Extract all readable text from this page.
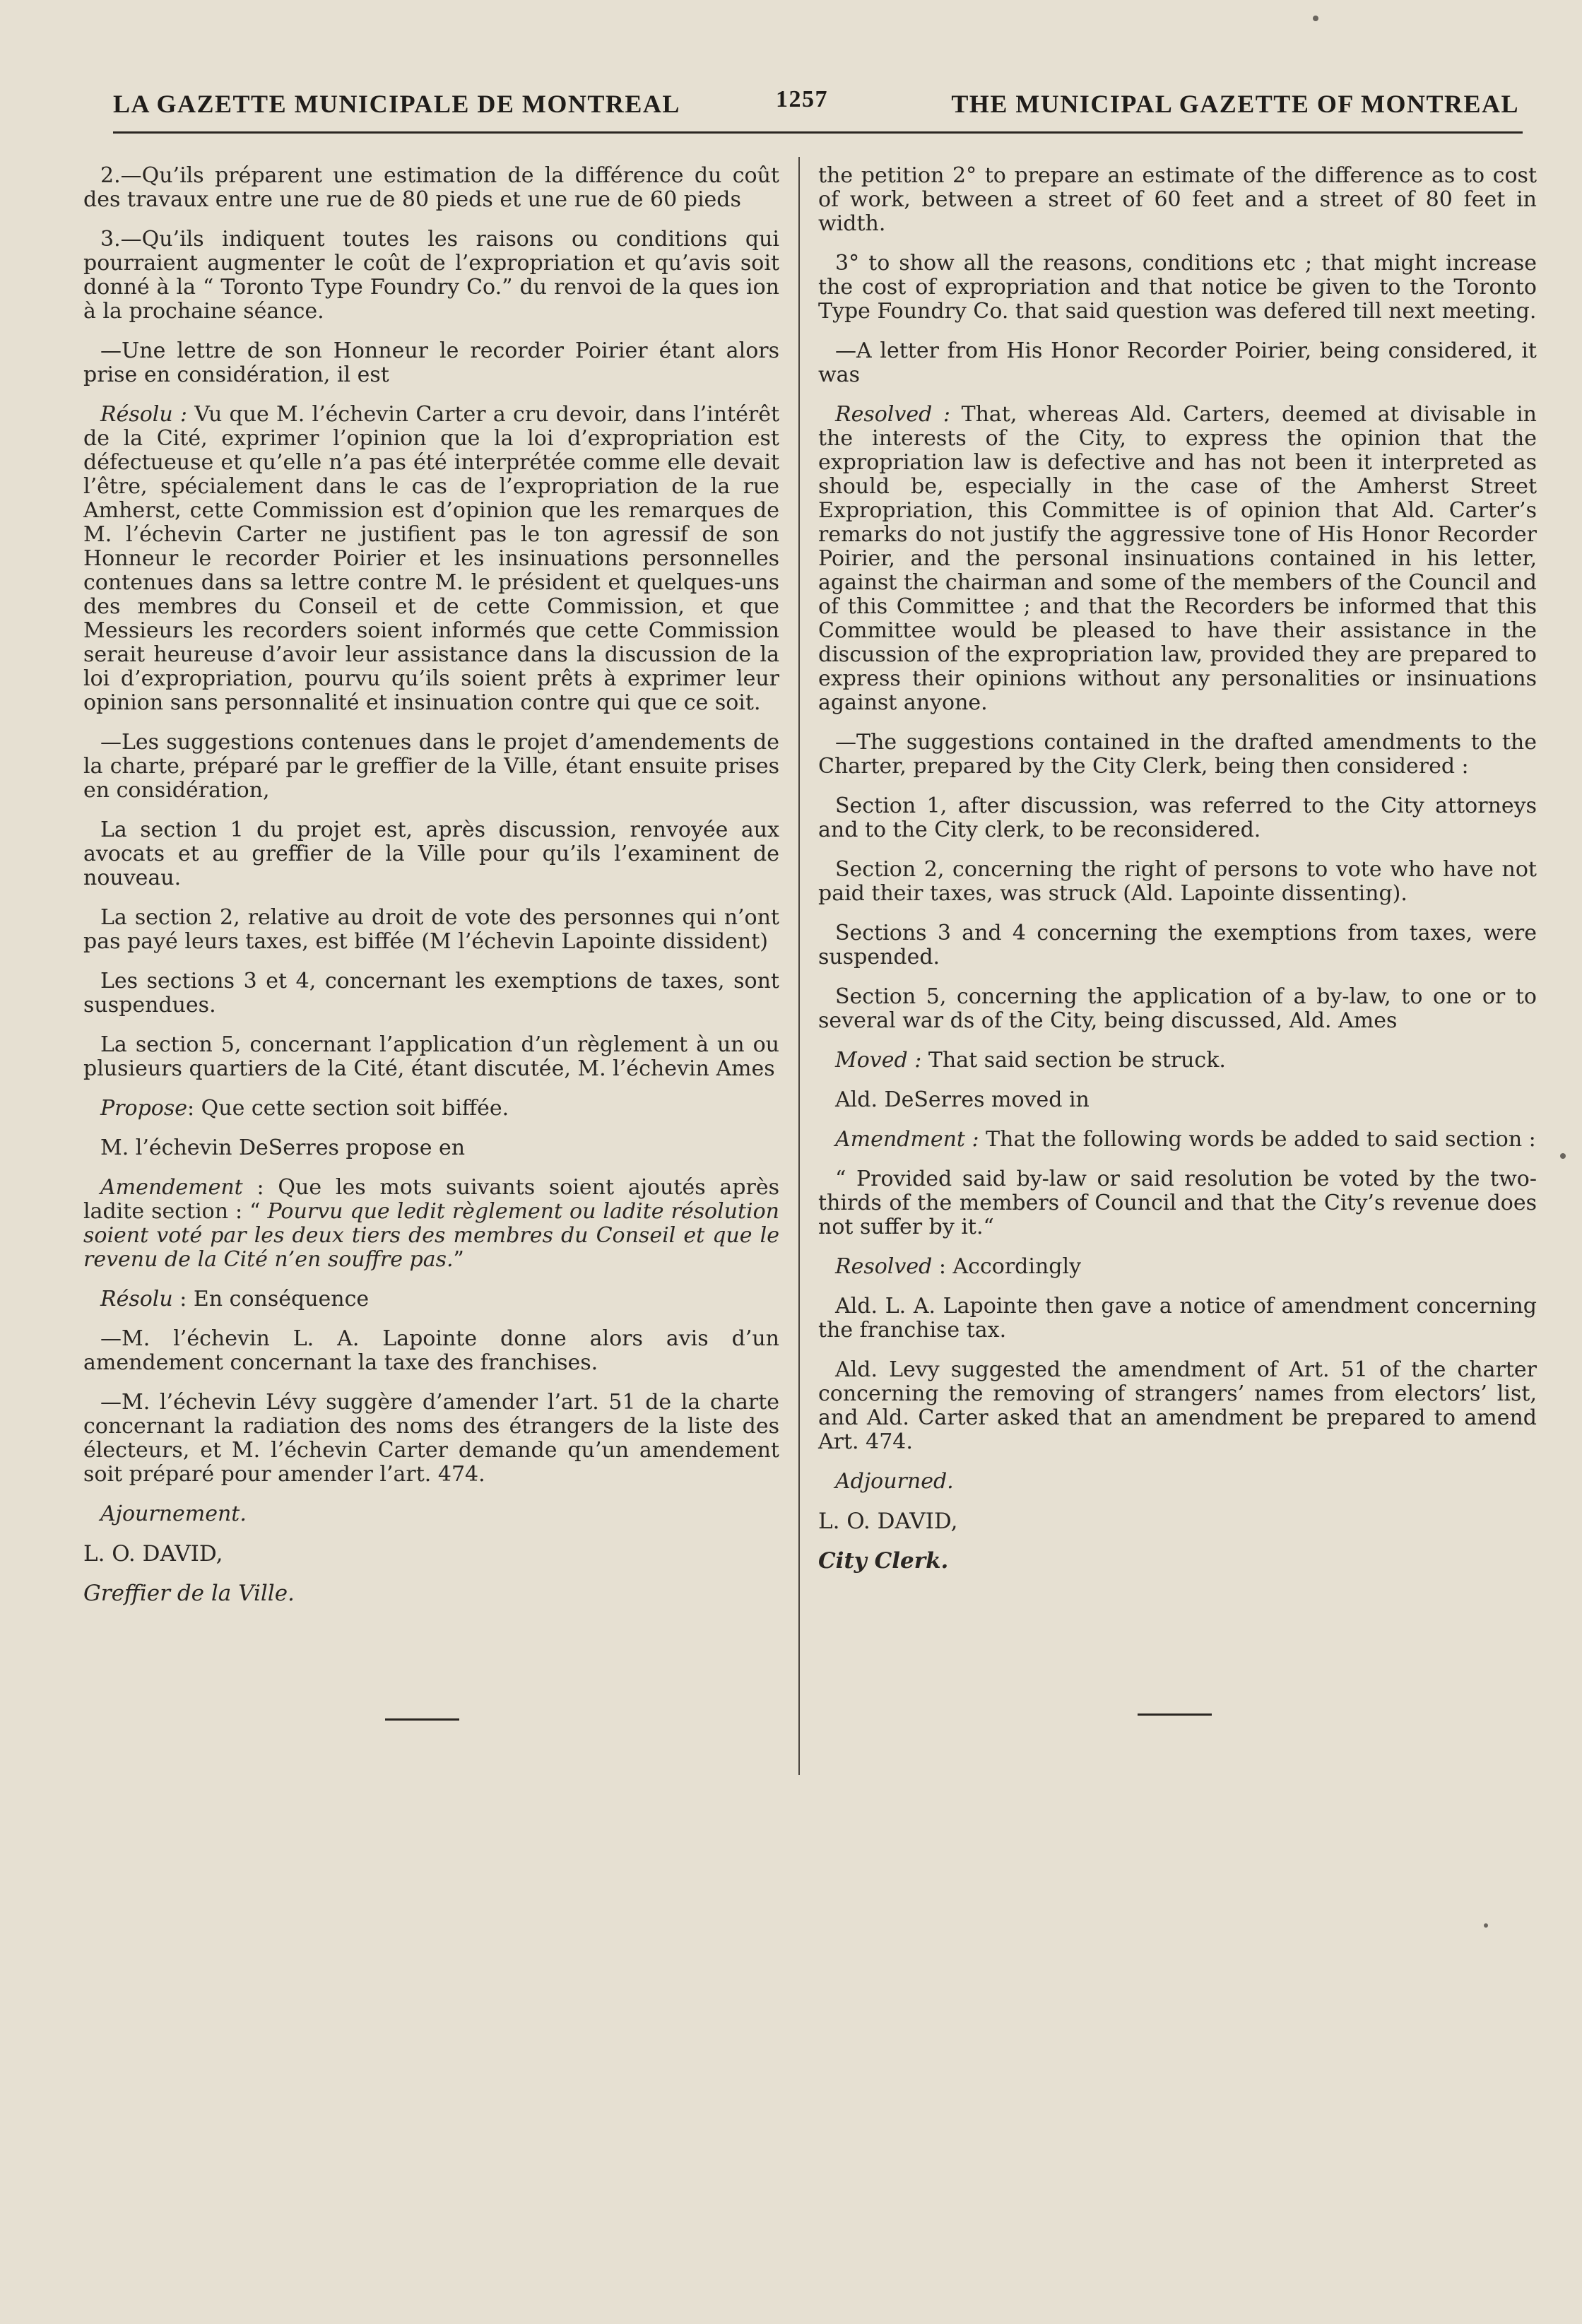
LA GAZETTE MUNICIPALE DE MONTREAL	1257	THE MUNICIPAL GAZETTE OF MONTREAL

2.—Qu’ils préparent une estimation de la différence du coût des travaux entre une rue de 80 pieds et une rue de 60 pieds

3.—Qu’ils indiquent toutes les raisons ou conditions qui pourraient augmenter le coût de l’expropriation et qu’avis soit donné à la “ Toronto Type Foundry Co.” du renvoi de la ques ion à la prochaine séance.

—Une lettre de son Honneur le recorder Poirier étant alors prise en considération, il est

Résolu : Vu que M. l’échevin Carter a cru devoir, dans l’intérêt de la Cité, exprimer l’opinion que la loi d’expropriation est défectueuse et qu’elle n’a pas été interprétée comme elle devait l’être, spécialement dans le cas de l’expropriation de la rue Amherst, cette Commission est d’opinion que les remarques de M. l’échevin Carter ne justifient pas le ton agressif de son Honneur le recorder Poirier et les insinuations personnelles contenues dans sa lettre contre M. le président et quelques-uns des membres du Conseil et de cette Commission, et que Messieurs les recorders soient informés que cette Commission serait heureuse d’avoir leur assistance dans la discussion de la loi d’expropriation, pourvu qu’ils soient prêts à exprimer leur opinion sans personnalité et insinuation contre qui que ce soit.

—Les suggestions contenues dans le projet d’amendements de la charte, préparé par le greffier de la Ville, étant ensuite prises en considération,

La section 1 du projet est, après discussion, renvoyée aux avocats et au greffier de la Ville pour qu’ils l’examinent de nouveau.

La section 2, relative au droit de vote des personnes qui n’ont pas payé leurs taxes, est biffée (M l’échevin Lapointe dissident)

Les sections 3 et 4, concernant les exemptions de taxes, sont suspendues.

La section 5, concernant l’application d’un règlement à un ou plusieurs quartiers de la Cité, étant discutée, M. l’échevin Ames

Propose: Que cette section soit biffée.

M. l’échevin DeSerres propose en

Amendement : Que les mots suivants soient ajoutés après ladite section : “ Pourvu que ledit règlement ou ladite résolution soient voté par les deux tiers des membres du Conseil et que le revenu de la Cité n’en souffre pas.”

Résolu : En conséquence

—M. l’échevin L. A. Lapointe donne alors avis d’un amendement concernant la taxe des franchises.

—M. l’échevin Lévy suggère d’amender l’art. 51 de la charte concernant la radiation des noms des étrangers de la liste des électeurs, et M. l’échevin Carter demande qu’un amendement soit préparé pour amender l’art. 474.

Ajournement.

L. O. DAVID,

Greffier de la Ville.

the petition 2° to prepare an estimate of the difference as to cost of work, between a street of 60 feet and a street of 80 feet in width.

3° to show all the reasons, conditions etc ; that might increase the cost of expropriation and that notice be given to the Toronto Type Foundry Co. that said question was defered till next meeting.

—A letter from His Honor Recorder Poirier, being considered, it was

Resolved : That, whereas Ald. Carters, deemed at divisable in the interests of the City, to express the opinion that the expropriation law is defective and has not been it interpreted as should be, especially in the case of the Amherst Street Expropriation, this Committee is of opinion that Ald. Carter’s remarks do not justify the aggressive tone of His Honor Recorder Poirier, and the personal insinuations contained in his letter, against the chairman and some of the members of the Council and of this Committee ; and that the Recorders be informed that this Committee would be pleased to have their assistance in the discussion of the expropriation law, provided they are prepared to express their opinions without any personalities or insinuations against anyone.

—The suggestions contained in the drafted amendments to the Charter, prepared by the City Clerk, being then considered :

Section 1, after discussion, was referred to the City attorneys and to the City clerk, to be reconsidered.

Section 2, concerning the right of persons to vote who have not paid their taxes, was struck (Ald. Lapointe dissenting).

Sections 3 and 4 concerning the exemptions from taxes, were suspended.

Section 5, concerning the application of a by-law, to one or to several war ds of the City, being discussed, Ald. Ames

Moved : That said section be struck.

Ald. DeSerres moved in

Amendment : That the following words be added to said section :

“ Provided said by-law or said resolution be voted by the two-thirds of the members of Council and that the City’s revenue does not suffer by it.“

Resolved : Accordingly

Ald. L. A. Lapointe then gave a notice of amendment concerning the franchise tax.

Ald. Levy suggested the amendment of Art. 51 of the charter concerning the removing of strangers’ names from electors’ list, and Ald. Carter asked that an amendment be prepared to amend Art. 474.

Adjourned.

L. O. DAVID,

City Clerk.
